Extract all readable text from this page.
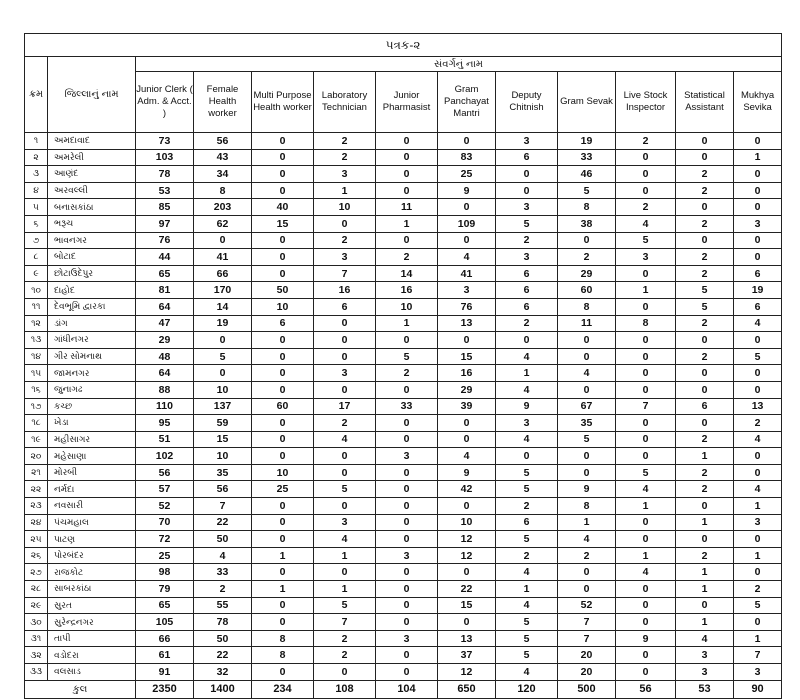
પત્રક-૨												
ક્રમ	જિલ્લાનું નામ	સંવર્ગનું નામ										
		Junior Clerk ( Adm. & Acct. )	Female Health worker	Multi Purpose Health worker	Laboratory Technician	Junior Pharmasist	Gram Panchayat Mantri	Deputy Chitnish	Gram Sevak	Live Stock Inspector	Statistical Assistant	Mukhya Sevika
૧	અમદાવાદ	73	56	0	2	0	0	3	19	2	0	0
૨	અમરેલી	103	43	0	2	0	83	6	33	0	0	1
૩	આણંદ	78	34	0	3	0	25	0	46	0	2	0
૪	અરવલ્લી	53	8	0	1	0	9	0	5	0	2	0
૫	બનાસકાંઠા	85	203	40	10	11	0	3	8	2	0	0
૬	ભરૂચ	97	62	15	0	1	109	5	38	4	2	3
૭	ભાવનગર	76	0	0	2	0	0	2	0	5	0	0
૮	બોટાદ	44	41	0	3	2	4	3	2	3	2	0
૯	છોટાઉદેપુર	65	66	0	7	14	41	6	29	0	2	6
૧૦	દાહોદ	81	170	50	16	16	3	6	60	1	5	19
૧૧	દેવભૂમિ દ્વારકા	64	14	10	6	10	76	6	8	0	5	6
૧૨	ડાંગ	47	19	6	0	1	13	2	11	8	2	4
૧૩	ગાંધીનગર	29	0	0	0	0	0	0	0	0	0	0
૧૪	ગીર સોમનાથ	48	5	0	0	5	15	4	0	0	2	5
૧૫	જામનગર	64	0	0	3	2	16	1	4	0	0	0
૧૬	જુનાગઢ	88	10	0	0	0	29	4	0	0	0	0
૧૭	કચ્છ	110	137	60	17	33	39	9	67	7	6	13
૧૮	ખેડા	95	59	0	2	0	0	3	35	0	0	2
૧૯	મહીસાગર	51	15	0	4	0	0	4	5	0	2	4
૨૦	મહેસાણા	102	10	0	0	3	4	0	0	0	1	0
૨૧	મોરબી	56	35	10	0	0	9	5	0	5	2	0
૨૨	નર્મદા	57	56	25	5	0	42	5	9	4	2	4
૨૩	નવસારી	52	7	0	0	0	0	2	8	1	0	1
૨૪	પંચમહાલ	70	22	0	3	0	10	6	1	0	1	3
૨૫	પાટણ	72	50	0	4	0	12	5	4	0	0	0
૨૬	પોરબંદર	25	4	1	1	3	12	2	2	1	2	1
૨૭	રાજકોટ	98	33	0	0	0	0	4	0	4	1	0
૨૮	સાબરકાંઠા	79	2	1	1	0	22	1	0	0	1	2
૨૯	સુરત	65	55	0	5	0	15	4	52	0	0	5
૩૦	સુરેન્દ્રનગર	105	78	0	7	0	0	5	7	0	1	0
૩૧	તાપી	66	50	8	2	3	13	5	7	9	4	1
૩૨	વડોદરા	61	22	8	2	0	37	5	20	0	3	7
૩૩	વલસાડ	91	32	0	0	0	12	4	20	0	3	3
કુલ		2350	1400	234	108	104	650	120	500	56	53	90
